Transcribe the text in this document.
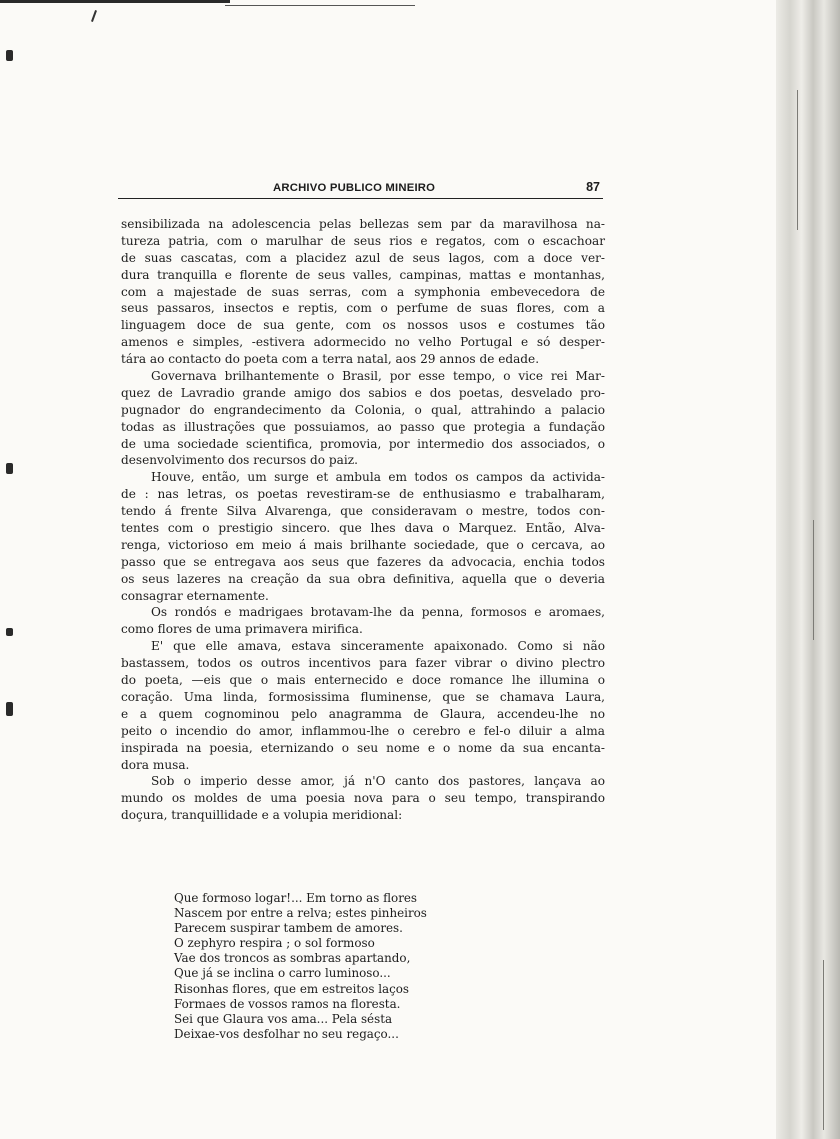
ARCHIVO PUBLICO MINEIRO	87
sensibilizada na adolescencia pelas bellezas sem par da maravilhosa na-
tureza patria, com o marulhar de seus rios e regatos, com o escachoar
de suas cascatas, com a placidez azul de seus lagos, com a doce ver-
dura tranquilla e florente de seus valles, campinas, mattas e montanhas,
com a majestade de suas serras, com a symphonia embevecedora de
seus passaros, insectos e reptis, com o perfume de suas flores, com a
linguagem doce de sua gente, com os nossos usos e costumes tão
amenos e simples, -estivera adormecido no velho Portugal e só desper-
tára ao contacto do poeta com a terra natal, aos 29 annos de edade.
Governava brilhantemente o Brasil, por esse tempo, o vice rei Mar-
quez de Lavradio grande amigo dos sabios e dos poetas, desvelado pro-
pugnador do engrandecimento da Colonia, o qual, attrahindo a palacio
todas as illustrações que possuiamos, ao passo que protegia a fundação
de uma sociedade scientifica, promovia, por intermedio dos associados, o
desenvolvimento dos recursos do paiz.
Houve, então, um surge et ambula em todos os campos da activida-
de : nas letras, os poetas revestiram-se de enthusiasmo e trabalharam,
tendo á frente Silva Alvarenga, que consideravam o mestre, todos con-
tentes com o prestigio sincero. que lhes dava o Marquez. Então, Alva-
renga, victorioso em meio á mais brilhante sociedade, que o cercava, ao
passo que se entregava aos seus que fazeres da advocacia, enchia todos
os seus lazeres na creação da sua obra definitiva, aquella que o deveria
consagrar eternamente.
Os rondós e madrigaes brotavam-lhe da penna, formosos e aromaes,
como flores de uma primavera mirifica.
E' que elle amava, estava sinceramente apaixonado. Como si não
bastassem, todos os outros incentivos para fazer vibrar o divino plectro
do poeta, —eis que o mais enternecido e doce romance lhe illumina o
coração. Uma linda, formosissima fluminense, que se chamava Laura,
e a quem cognominou pelo anagramma de Glaura, accendeu-lhe no
peito o incendio do amor, inflammou-lhe o cerebro e fel-o diluir a alma
inspirada na poesia, eternizando o seu nome e o nome da sua encanta-
dora musa.
Sob o imperio desse amor, já n'O canto dos pastores, lançava ao
mundo os moldes de uma poesia nova para o seu tempo, transpirando
doçura, tranquillidade e a volupia meridional:
Que formoso logar!... Em torno as flores
Nascem por entre a relva; estes pinheiros
Parecem suspirar tambem de amores.
O zephyro respira ; o sol formoso
Vae dos troncos as sombras apartando,
Que já se inclina o carro luminoso...
Risonhas flores, que em estreitos laços
Formaes de vossos ramos na floresta.
Sei que Glaura vos ama... Pela sésta
Deixae-vos desfolhar no seu regaço...
